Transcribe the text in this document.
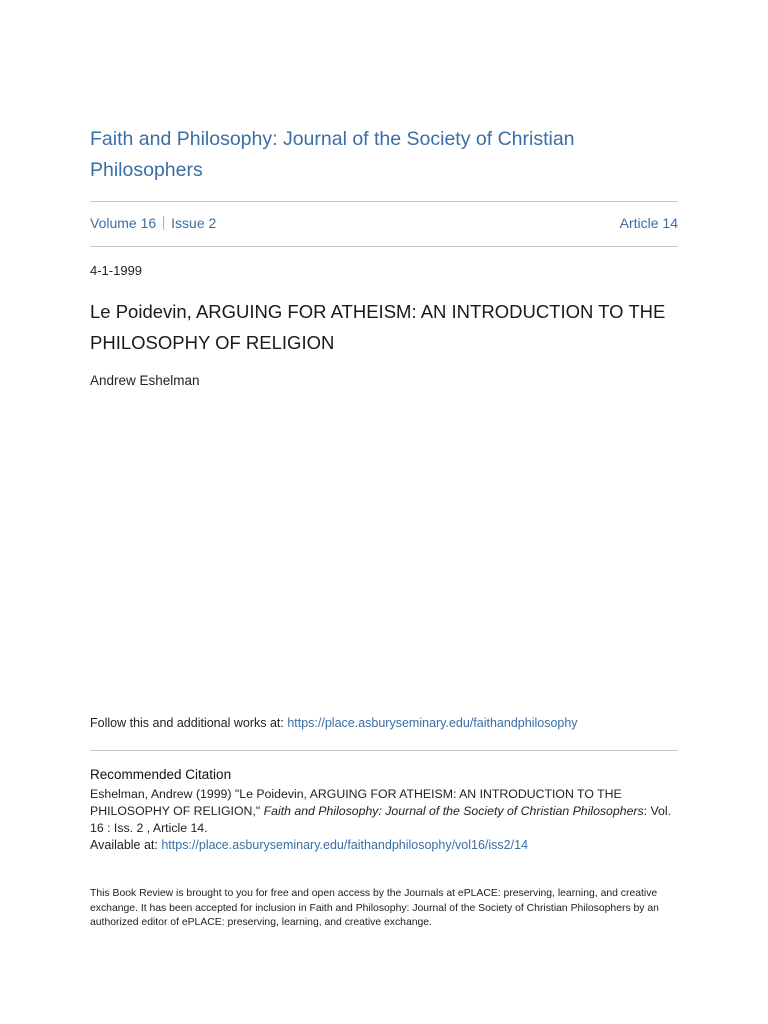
Faith and Philosophy: Journal of the Society of Christian Philosophers
Volume 16 Issue 2	Article 14
4-1-1999
Le Poidevin, ARGUING FOR ATHEISM: AN INTRODUCTION TO THE PHILOSOPHY OF RELIGION
Andrew Eshelman
Follow this and additional works at: https://place.asburyseminary.edu/faithandphilosophy
Recommended Citation
Eshelman, Andrew (1999) "Le Poidevin, ARGUING FOR ATHEISM: AN INTRODUCTION TO THE PHILOSOPHY OF RELIGION," Faith and Philosophy: Journal of the Society of Christian Philosophers: Vol. 16 : Iss. 2 , Article 14.
Available at: https://place.asburyseminary.edu/faithandphilosophy/vol16/iss2/14
This Book Review is brought to you for free and open access by the Journals at ePLACE: preserving, learning, and creative exchange. It has been accepted for inclusion in Faith and Philosophy: Journal of the Society of Christian Philosophers by an authorized editor of ePLACE: preserving, learning, and creative exchange.
